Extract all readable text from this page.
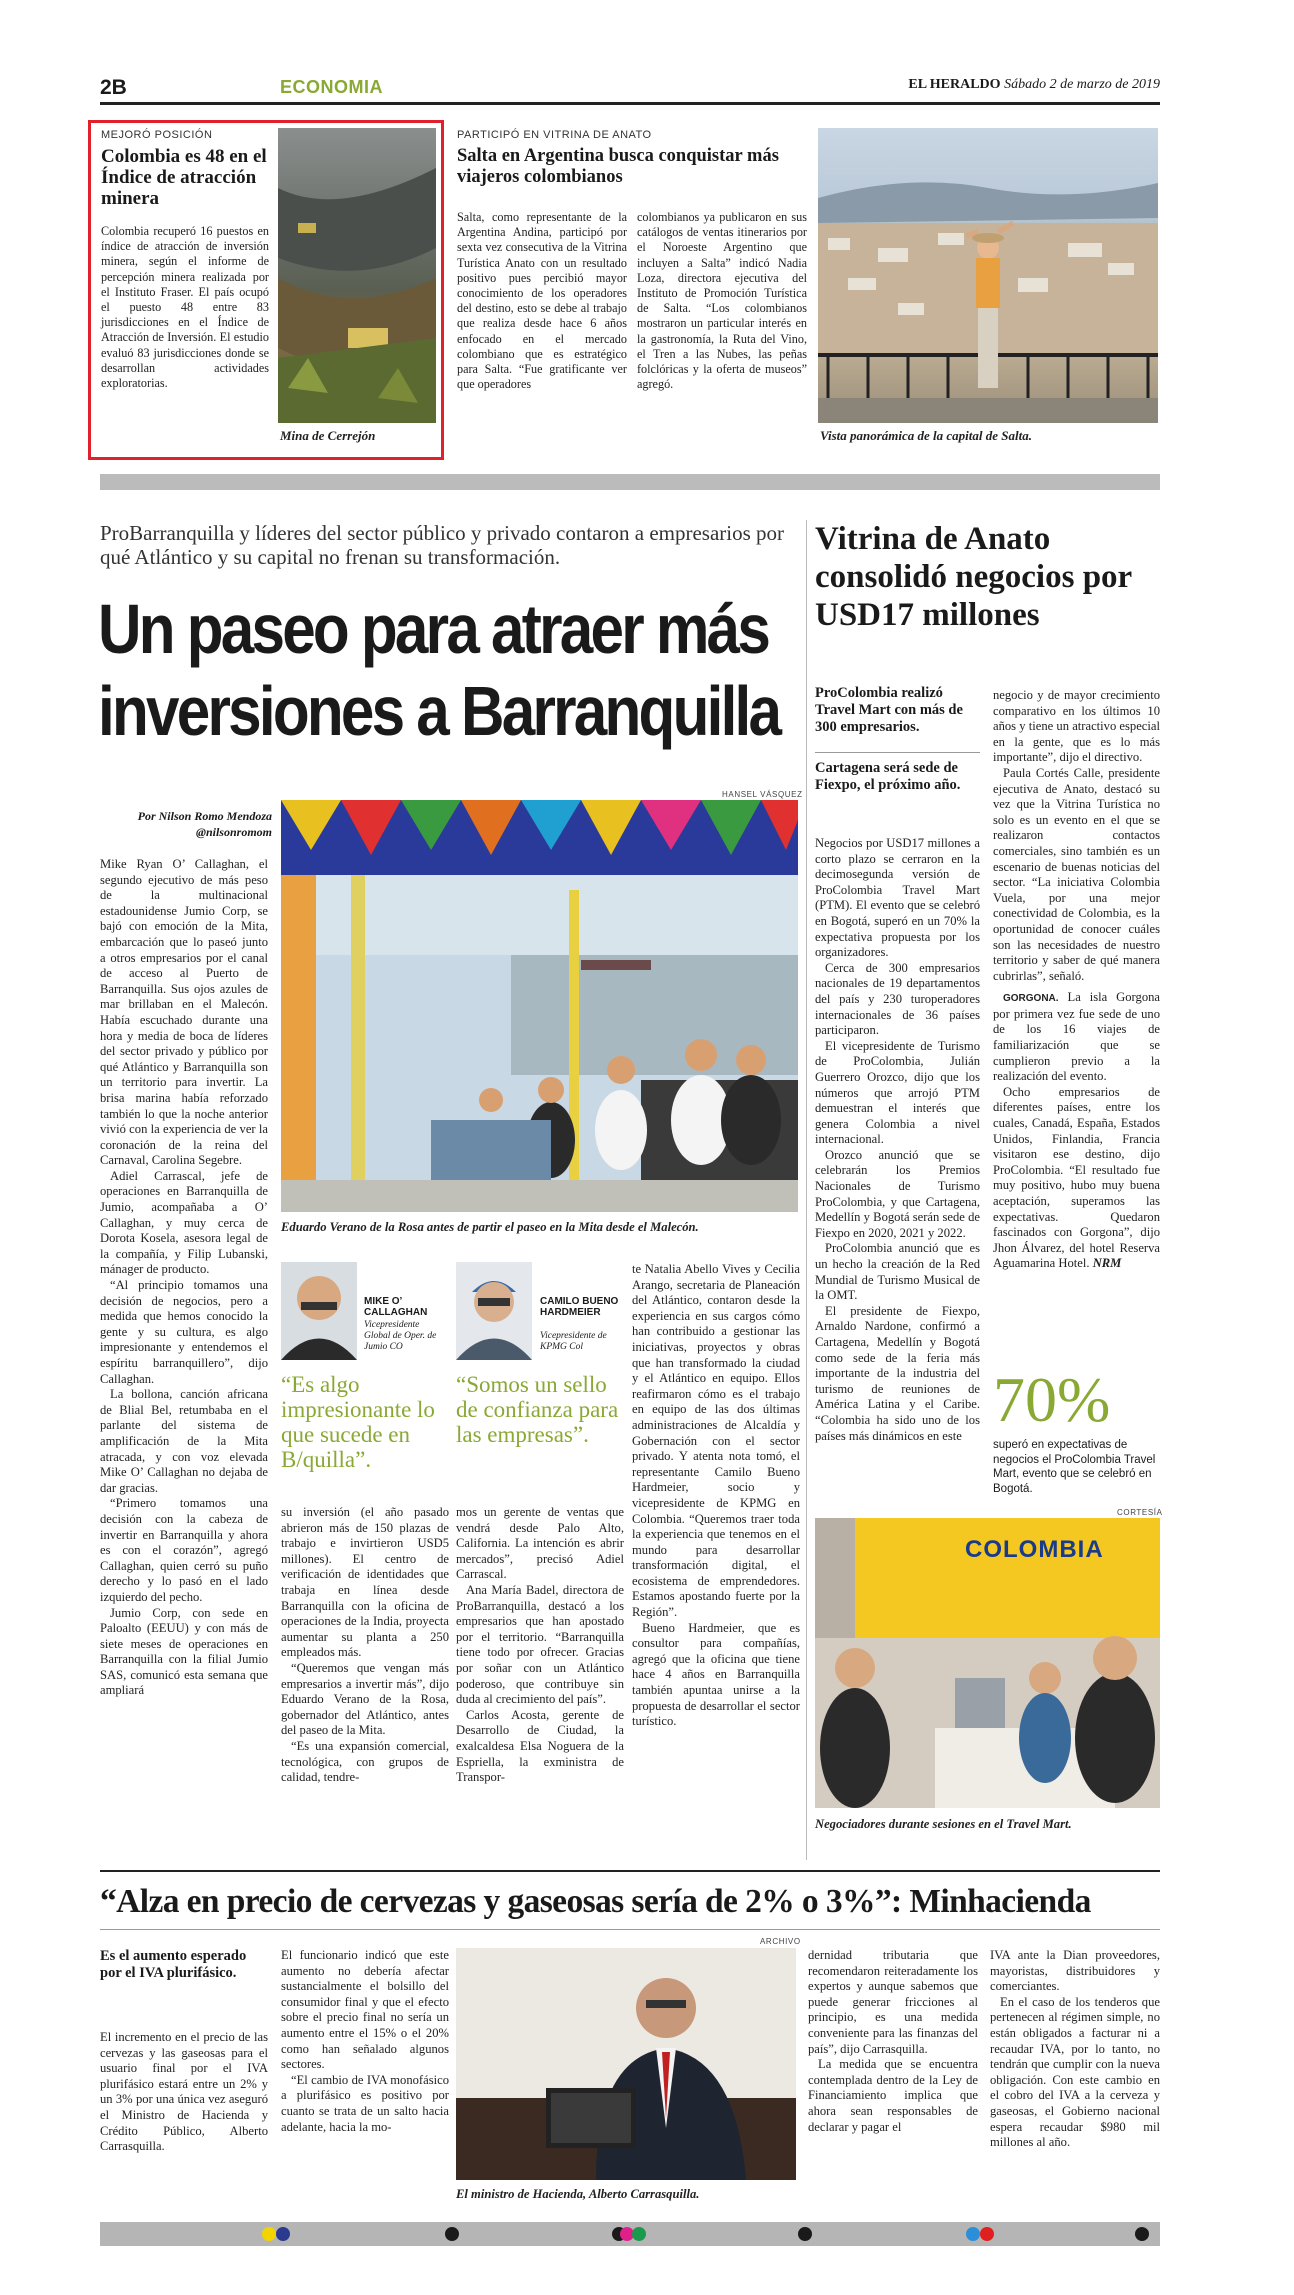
2B	ECONOMIA	EL HERALDO Sábado 2 de marzo de 2019
MEJORÓ POSICIÓN
Colombia es 48 en el Índice de atracción minera
Colombia recuperó 16 puestos en índice de atracción de inversión minera, según el informe de percepción minera realizada por el Instituto Fraser. El país ocupó el puesto 48 entre 83 jurisdicciones en el Índice de Atracción de Inversión. El estudio evaluó 83 jurisdicciones donde se desarrollan actividades exploratorias.
Mina de Cerrejón
PARTICIPÓ EN VITRINA DE ANATO
Salta en Argentina busca conquistar más viajeros colombianos
Salta, como representante de la Argentina Andina, participó por sexta vez consecutiva de la Vitrina Turística Anato con un resultado positivo pues percibió mayor conocimiento de los operadores del destino, esto se debe al trabajo que realiza desde hace 6 años enfocado en el mercado colombiano que es estratégico para Salta. “Fue gratificante ver que operadores
colombianos ya publicaron en sus catálogos de ventas itinerarios por el Noroeste Argentino que incluyen a Salta” indicó Nadia Loza, directora ejecutiva del Instituto de Promoción Turística de Salta. “Los colombianos mostraron un particular interés en la gastronomía, la Ruta del Vino, el Tren a las Nubes, las peñas folclóricas y la oferta de museos” agregó.
Vista panorámica de la capital de Salta.
ProBarranquilla y líderes del sector público y privado contaron a empresarios por qué Atlántico y su capital no frenan su transformación.
Un paseo para atraer más inversiones a Barranquilla
Por Nilson Romo Mendoza
@nilsonromom
HANSEL VÁSQUEZ
Eduardo Verano de la Rosa antes de partir el paseo en la Mita desde el Malecón.

Mike Ryan O’ Callaghan, el segundo ejecutivo de más peso de la multinacional estadounidense Jumio Corp, se bajó con emoción de la Mita, embarcación que lo paseó junto a otros empresarios por el canal de acceso al Puerto de Barranquilla. Sus ojos azules de mar brillaban en el Malecón. Había escuchado durante una hora y media de boca de líderes del sector privado y público por qué Atlántico y Barranquilla son un territorio para invertir. La brisa marina había reforzado también lo que la noche anterior vivió con la experiencia de ver la coronación de la reina del Carnaval, Carolina Segebre.

Adiel Carrascal, jefe de operaciones en Barranquilla de Jumio, acompañaba a O’ Callaghan, y muy cerca de Dorota Kosela, asesora legal de la compañía, y Filip Lubanski, mánager de producto.

“Al principio tomamos una decisión de negocios, pero a medida que hemos conocido la gente y su cultura, es algo impresionante y entendemos el espíritu barranquillero”, dijo Callaghan.

La bollona, canción africana de Blial Bel, retumbaba en el parlante del sistema de amplificación de la Mita atracada, y con voz elevada Mike O’ Callaghan no dejaba de dar gracias.

“Primero tomamos una decisión con la cabeza de invertir en Barranquilla y ahora es con el corazón”, agregó Callaghan, quien cerró su puño derecho y lo pasó en el lado izquierdo del pecho.

Jumio Corp, con sede en Paloalto (EEUU) y con más de siete meses de operaciones en Barranquilla con la filial Jumio SAS, comunicó esta semana que ampliará

MIKE O’ CALLAGHAN
Vicepresidente Global de Oper. de Jumio CO
“Es algo impresionante lo que sucede en B/quilla”.
CAMILO BUENO HARDMEIER
Vicepresidente de KPMG Col
“Somos un sello de confianza para las empresas”.

su inversión (el año pasado abrieron más de 150 plazas de trabajo e invirtieron USD5 millones). El centro de verificación de identidades que trabaja en línea desde Barranquilla con la oficina de operaciones de la India, proyecta aumentar su planta a 250 empleados más.

“Queremos que vengan más empresarios a invertir más”, dijo Eduardo Verano de la Rosa, gobernador del Atlántico, antes del paseo de la Mita.

“Es una expansión comercial, tecnológica, con grupos de calidad, tendre-

mos un gerente de ventas que vendrá desde Palo Alto, California. La intención es abrir mercados”, precisó Adiel Carrascal.

Ana María Badel, directora de ProBarranquilla, destacó a los empresarios que han apostado por el territorio. “Barranquilla tiene todo por ofrecer. Gracias por soñar con un Atlántico poderoso, que contribuye sin duda al crecimiento del país”.

Carlos Acosta, gerente de Desarrollo de Ciudad, la exalcaldesa Elsa Noguera de la Espriella, la exministra de Transpor-

te Natalia Abello Vives y Cecilia Arango, secretaria de Planeación del Atlántico, contaron desde la experiencia en sus cargos cómo han contribuido a gestionar las iniciativas, proyectos y obras que han transformado la ciudad y el Atlántico en equipo. Ellos reafirmaron cómo es el trabajo en equipo de las dos últimas administraciones de Alcaldía y Gobernación con el sector privado. Y atenta nota tomó, el representante Camilo Bueno Hardmeier, socio y vicepresidente de KPMG en Colombia. “Queremos traer toda la experiencia que tenemos en el mundo para desarrollar transformación digital, el ecosistema de emprendedores. Estamos apostando fuerte por la Región”.

Bueno Hardmeier, que es consultor para compañías, agregó que la oficina que tiene hace 4 años en Barranquilla también apuntaa unirse a la propuesta de desarrollar el sector turístico.

Vitrina de Anato consolidó negocios por USD17 millones
ProColombia realizó Travel Mart con más de 300 empresarios.
Cartagena será sede de Fiexpo, el próximo año.

Negocios por USD17 millones a corto plazo se cerraron en la decimosegunda versión de ProColombia Travel Mart (PTM). El evento que se celebró en Bogotá, superó en un 70% la expectativa propuesta por los organizadores.

Cerca de 300 empresarios nacionales de 19 departamentos del país y 230 turoperadores internacionales de 36 países participaron.

El vicepresidente de Turismo de ProColombia, Julián Guerrero Orozco, dijo que los números que arrojó PTM demuestran el interés que genera Colombia a nivel internacional.

Orozco anunció que se celebrarán los Premios Nacionales de Turismo ProColombia, y que Cartagena, Medellín y Bogotá serán sede de Fiexpo en 2020, 2021 y 2022.

ProColombia anunció que es un hecho la creación de la Red Mundial de Turismo Musical de la OMT.

El presidente de Fiexpo, Arnaldo Nardone, confirmó a Cartagena, Medellín y Bogotá como sede de la feria más importante de la industria del turismo de reuniones de América Latina y el Caribe. “Colombia ha sido uno de los países más dinámicos en este

negocio y de mayor crecimiento comparativo en los últimos 10 años y tiene un atractivo especial en la gente, que es lo más importante”, dijo el directivo.

Paula Cortés Calle, presidente ejecutiva de Anato, destacó su vez que la Vitrina Turística no solo es un evento en el que se realizaron contactos comerciales, sino también es un escenario de buenas noticias del sector. “La iniciativa Colombia Vuela, por una mejor conectividad de Colombia, es la oportunidad de conocer cuáles son las necesidades de nuestro territorio y saber de qué manera cubrirlas”, señaló.

GORGONA. La isla Gorgona por primera vez fue sede de uno de los 16 viajes de familiarización que se cumplieron previo a la realización del evento.

Ocho empresarios de diferentes países, entre los cuales, Canadá, España, Estados Unidos, Finlandia, Francia visitaron ese destino, dijo ProColombia. “El resultado fue muy positivo, hubo muy buena aceptación, superamos las expectativas. Quedaron fascinados con Gorgona”, dijo Jhon Álvarez, del hotel Reserva Aguamarina Hotel. NRM

70%
superó en expectativas de negocios el ProColombia Travel Mart, evento que se celebró en Bogotá.
CORTESÍA
COLOMBIA
Negociadores durante sesiones en el Travel Mart.
“Alza en precio de cervezas y gaseosas sería de 2% o 3%”: Minhacienda
Es el aumento esperado por el IVA plurifásico.
El incremento en el precio de las cervezas y las gaseosas para el usuario final por el IVA plurifásico estará entre un 2% y un 3% por una única vez aseguró el Ministro de Hacienda y Crédito Público, Alberto Carrasquilla.

El funcionario indicó que este aumento no debería afectar sustancialmente el bolsillo del consumidor final y que el efecto sobre el precio final no sería un aumento entre el 15% o el 20% como han señalado algunos sectores.

“El cambio de IVA monofásico a plurifásico es positivo por cuanto se trata de un salto hacia adelante, hacia la mo-

ARCHIVO
El ministro de Hacienda, Alberto Carrasquilla.

dernidad tributaria que recomendaron reiteradamente los expertos y aunque sabemos que puede generar fricciones al principio, es una medida conveniente para las finanzas del país”, dijo Carrasquilla.

La medida que se encuentra contemplada dentro de la Ley de Financiamiento implica que ahora sean responsables de declarar y pagar el

IVA ante la Dian proveedores, mayoristas, distribuidores y comerciantes.

En el caso de los tenderos que pertenecen al régimen simple, no están obligados a facturar ni a recaudar IVA, por lo tanto, no tendrán que cumplir con la nueva obligación. Con este cambio en el cobro del IVA a la cerveza y gaseosas, el Gobierno nacional espera recaudar $980 mil millones al año.
